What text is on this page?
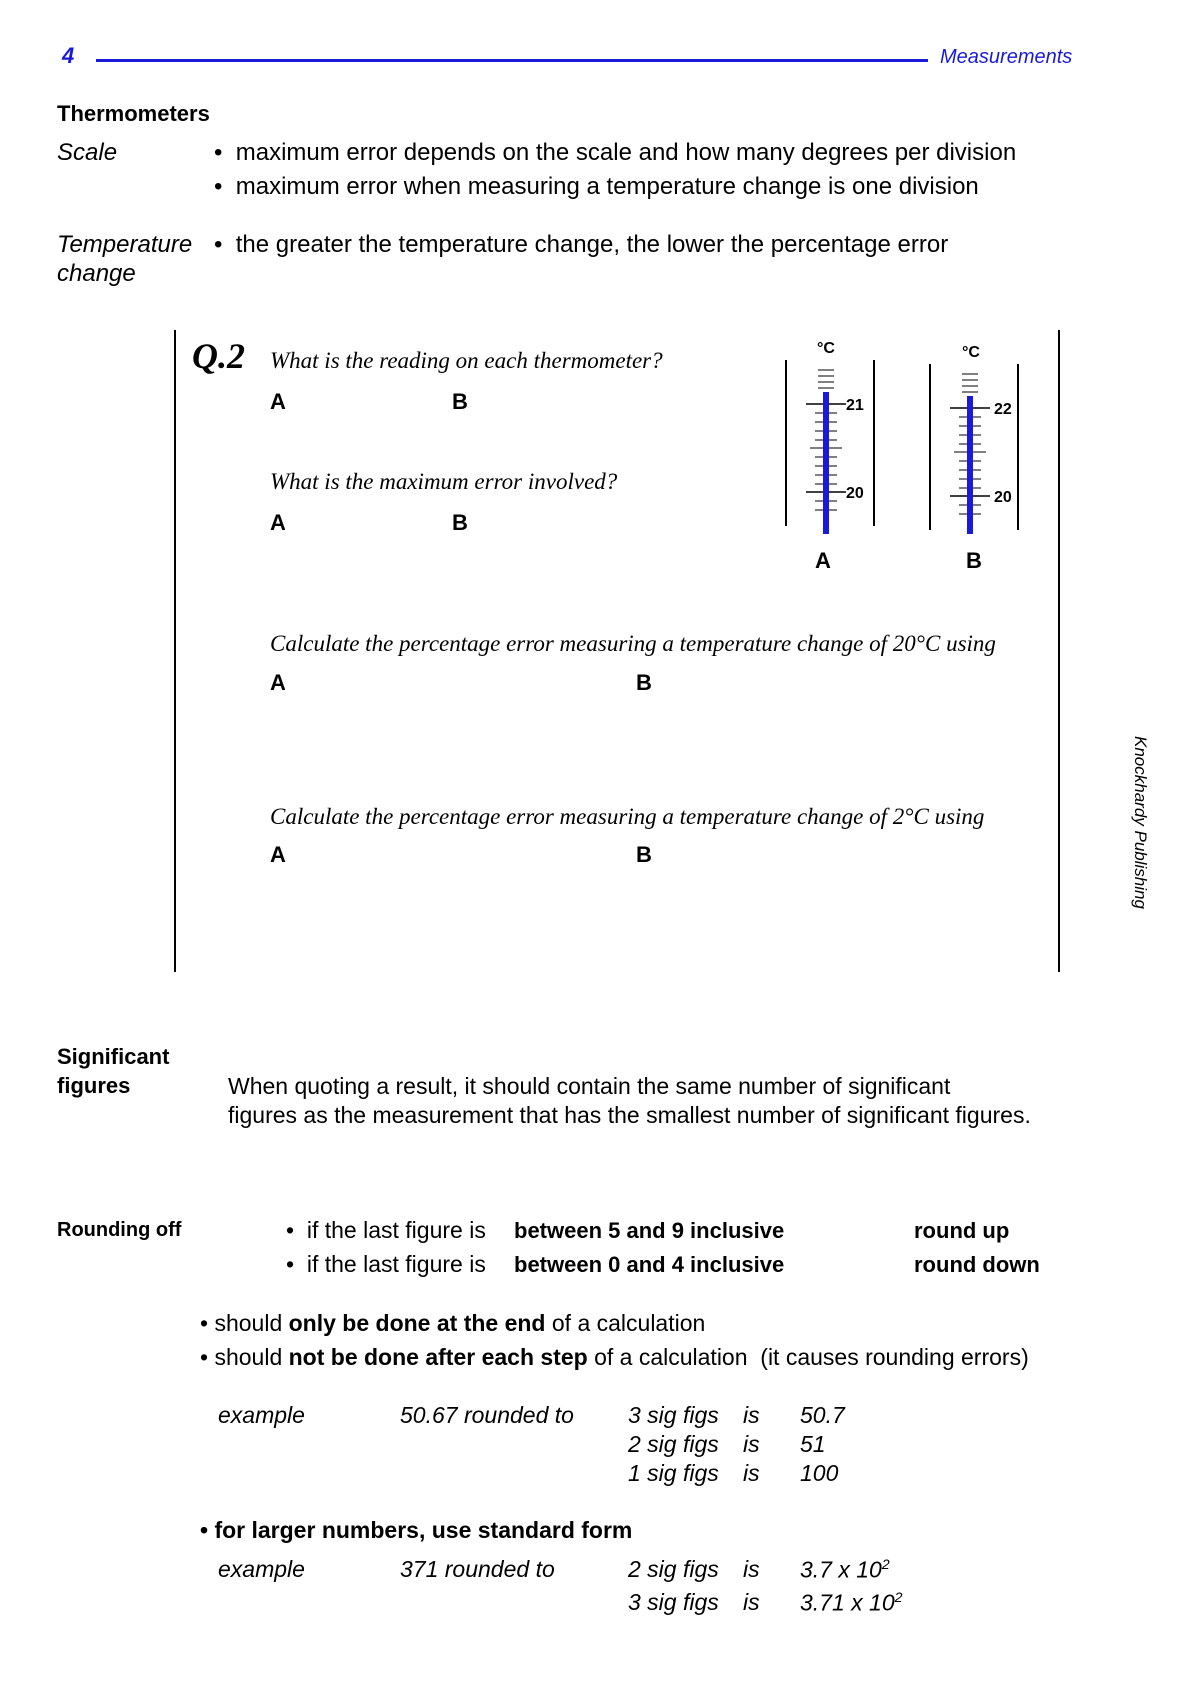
4	Measurements
Thermometers
Scale	•  maximum error depends on the scale and how many degrees per division
•  maximum error when measuring a temperature change is one division
Temperature
change
•  the greater the temperature change, the lower the percentage error
Q.2 What is the reading on each thermometer?
A	B
What is the maximum error involved?
A	B
°C
21
20
A
°C
22
20
B
Calculate the percentage error measuring a temperature change of 20°C using
A	B
Calculate the percentage error measuring a temperature change of 2°C using
A	B	Knockhardy Publishing
Significant
figures	When quoting a result, it should contain the same number of significant
figures as the measurement that has the smallest number of significant figures.
Rounding off	•  if the last figure is between 5 and 9 inclusive	round up
•  if the last figure is between 0 and 4 inclusive	round down
• should only be done at the end of a calculation
• should not be done after each step of a calculation  (it causes rounding errors)
example	50.67 rounded to 3 sig figs is 50.7
2 sig figs is 51
1 sig figs is 100
• for larger numbers, use standard form
example	371 rounded to	2 sig figs is 3.7 x $10^2$
3 sig figs is 3.71 x $10^2$
